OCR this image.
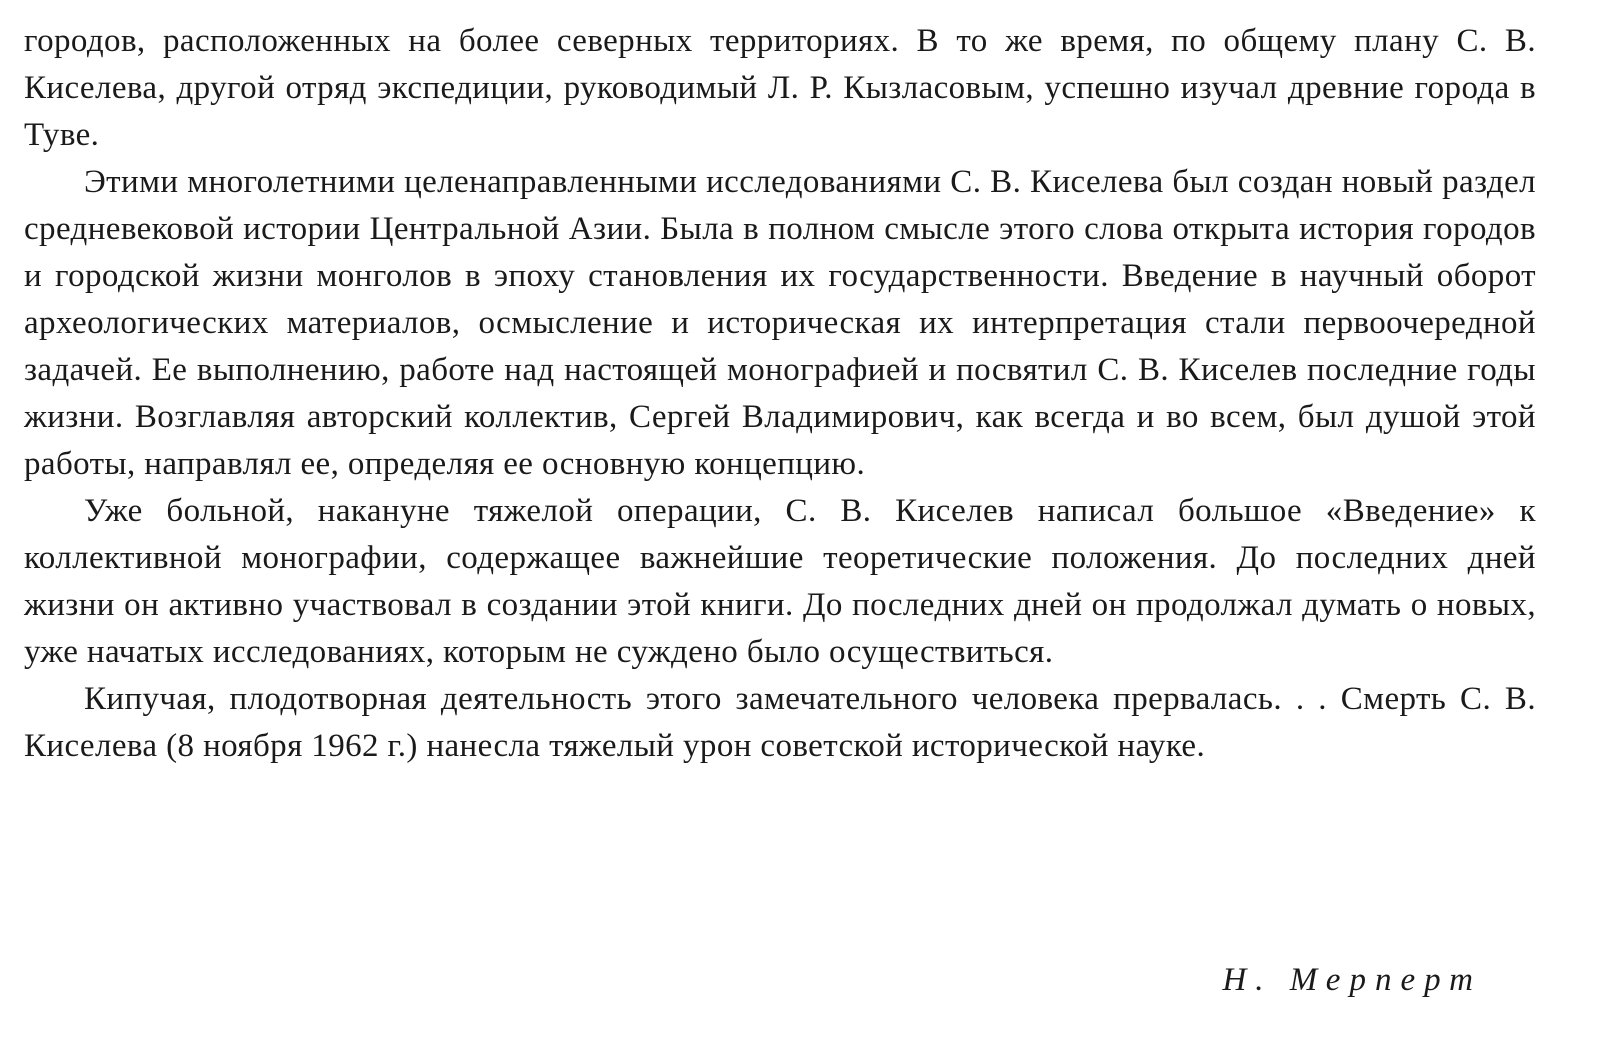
городов, расположенных на более северных территориях. В то же время, по общему плану С. В. Киселева, другой отряд экспедиции, руководимый Л. Р. Кызласовым, успешно изучал древние города в Туве.

Этими многолетними целенаправленными исследованиями С. В. Киселева был создан новый раздел средневековой истории Центральной Азии. Была в полном смысле этого слова открыта история городов и городской жизни монголов в эпоху становления их государственности. Введение в научный оборот археологических материалов, осмысление и историческая их интерпретация стали первоочередной задачей. Ее выполнению, работе над настоящей монографией и посвятил С. В. Киселев последние годы жизни. Возглавляя авторский коллектив, Сергей Владимирович, как всегда и во всем, был душой этой работы, направлял ее, определяя ее основную концепцию.

Уже больной, накануне тяжелой операции, С. В. Киселев написал большое «Введение» к коллективной монографии, содержащее важнейшие теоретические положения. До последних дней жизни он активно участвовал в создании этой книги. До последних дней он продолжал думать о новых, уже начатых исследованиях, которым не суждено было осуществиться.

Кипучая, плодотворная деятельность этого замечательного человека прервалась. . . Смерть С. В. Киселева (8 ноября 1962 г.) нанесла тяжелый урон советской исторической науке.

Н. Мерперт
